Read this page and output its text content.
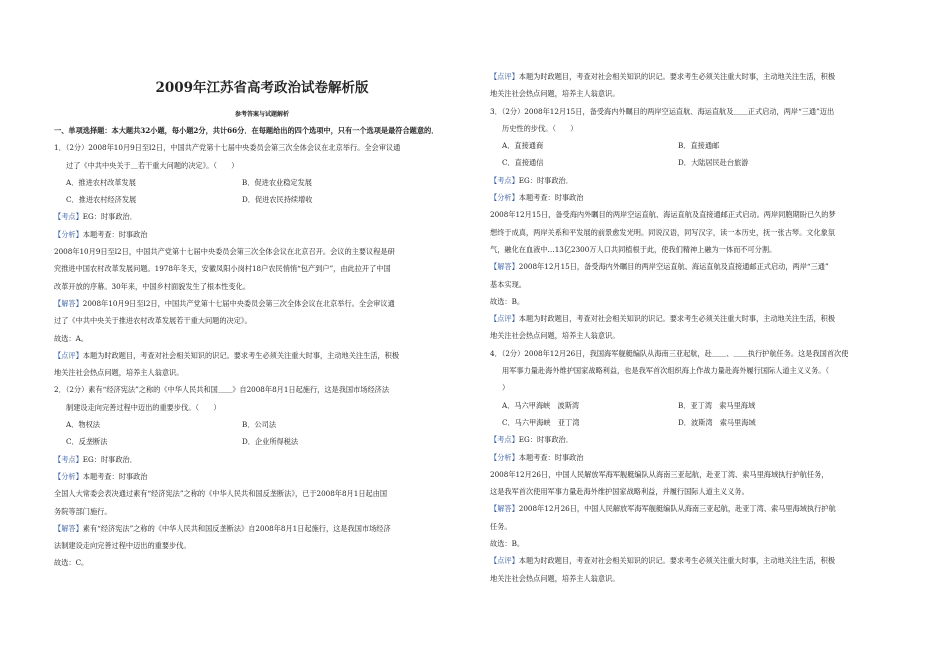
2009年江苏省高考政治试卷解析版
参考答案与试题解析
一、单项选择题：本大题共32小题，每小题2分，共计66分．在每题给出的四个选项中，只有一个选项是最符合题意的．
1．（2分）2008年10月9日至l2日，中国共产党第十七届中央委员会第三次全体会议在北京举行。全会审议通
过了《中共中央关于＿若干重大问题的决定》。（　　）
A．推进农村改革发展	B．促进农业稳定发展
C．推进农村经济发展	D．促进农民持续增收
【考点】EG：时事政治．
【分析】本题考查：时事政治
2008年10月9日至l2日，中国共产党第十七届中央委员会第三次全体会议在北京召开。会议的主要议程是研
究推进中国农村改革发展问题。1978年冬天，安徽凤阳小岗村18户农民悄悄“包产到户”，由此拉开了中国
改革开放的序幕。30年来，中国乡村面貌发生了根本性变化。
【解答】2008年10月9日至l2日，中国共产党第十七届中央委员会第三次全体会议在北京举行。全会审议通
过了《中共中央关于推进农村改革发展若干重大问题的决定》。
故选：A。
【点评】本题为时政题目，考查对社会相关知识的识记。要求考生必须关注重大时事，主动地关注生活，积极
地关注社会热点问题，培养主人翁意识。
2．（2分）素有“经济宪法”之称的《中华人民共和国＿＿》自2008年8月1日起施行，这是我国市场经济法
制建设走向完善过程中迈出的重要步伐。（　　）
A．物权法	B．公司法
C．反垄断法	D．企业所得税法
【考点】EG：时事政治．
【分析】本题考查：时事政治
全国人大常委会表决通过素有“经济宪法”之称的《中华人民共和国反垄断法》，已于2008年8月1日起由国
务院等部门施行。
【解答】素有“经济宪法”之称的《中华人民共和国反垄断法》自2008年8月1日起施行，这是我国市场经济
法制建设走向完善过程中迈出的重要步伐。
故选：C。
【点评】本题为时政题目，考查对社会相关知识的识记。要求考生必须关注重大时事，主动地关注生活，积极
地关注社会热点问题，培养主人翁意识。
3．（2分）2008年12月15日，备受海内外瞩目的两岸空运直航、海运直航及＿＿正式启动，两岸“三通”迈出
历史性的步伐。（　　）
A．直接通商	B．直接通邮
C．直接通信	D．大陆居民赴台旅游
【考点】EG：时事政治．
【分析】本题考查：时事政治
2008年12月15日，备受海内外瞩目的两岸空运直航、海运直航及直接通邮正式启动。两岸同胞期盼已久的梦
想终于成真，两岸关系和平发展的前景愈发光明。同说汉语，同写汉字，读一本历史，抚一张古琴。文化象氛
气，融化在血液中…13亿2300万人口共同植根于此，使我们精神上融为一体而不可分割。
【解答】2008年12月15日，备受海内外瞩目的两岸空运直航、海运直航及直接通邮正式启动，两岸“三通”
基本实现。
故选：B。
【点评】本题为时政题目，考查对社会相关知识的识记。要求考生必须关注重大时事，主动地关注生活，积极
地关注社会热点问题，培养主人翁意识。
4．（2分）2008年12月26日，我国海军舰艇编队从海南三亚起航，赴＿＿、＿＿执行护航任务。这是我国首次使
用军事力量赴海外维护国家战略利益，也是我军首次组织海上作战力量赴海外履行国际人道主义义务。（
）
A．马六甲海峡　波斯湾	B．亚丁湾　索马里海域
C．马六甲海峡　亚丁湾	D．波斯湾　索马里海域
【考点】EG：时事政治．
【分析】本题考查：时事政治
2008年12月26日，中国人民解放军海军舰艇编队从海南三亚起航，赴亚丁湾、索马里海域执行护航任务，
这是我军首次使用军事力量赴海外维护国家战略利益，并履行国际人道主义义务。
【解答】2008年12月26日，中国人民解放军海军舰艇编队从海南三亚起航，赴亚丁湾、索马里海域执行护航
任务。
故选：B。
【点评】本题为时政题目，考查对社会相关知识的识记。要求考生必须关注重大时事，主动地关注生活，积极
地关注社会热点问题，培养主人翁意识。
